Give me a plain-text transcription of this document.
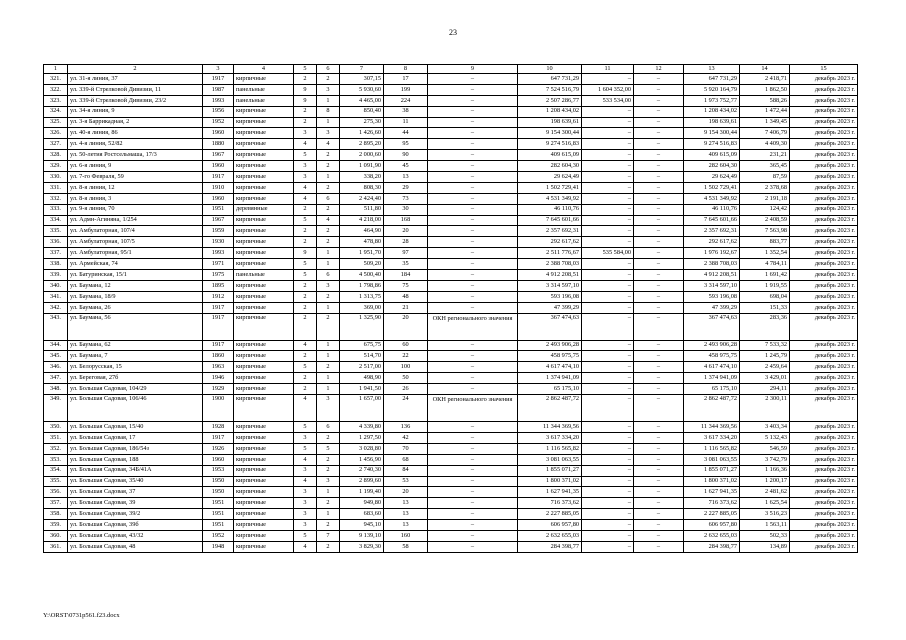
23
1	2	3	4	5	6	7	8	9	10	11	12	13	14	15
321.	ул. 31-я линия, 37	1917	кирпичные	2	2	307,15	17	–	647 731,29	–	–	647 731,29	2 418,71	декабрь 2023 г.
322.	ул. 339-й Стрелковой Дивизии, 11	1987	панельные	9	3	5 930,60	199	–	7 524 516,79	1 604 352,00	–	5 920 164,79	1 862,50	декабрь 2023 г.
323.	ул. 339-й Стрелковой Дивизии, 23/2	1993	панельные	9	1	4 465,00	224	–	2 507 286,77	533 534,00	–	1 973 752,77	588,26	декабрь 2023 г.
324.	ул. 34-я линия, 9	1956	кирпичные	2	8	850,40	38	–	1 208 434,02	–	–	1 208 434,02	1 472,44	декабрь 2023 г.
325.	ул. 3-я Баррикадная, 2	1952	кирпичные	2	1	275,30	11	–	198 639,61	–	–	198 639,61	1 349,45	декабрь 2023 г.
326.	ул. 40-я линия, 86	1960	кирпичные	3	3	1 426,60	44	–	9 154 300,44	–	–	9 154 300,44	7 406,79	декабрь 2023 г.
327.	ул. 4-я линия, 52/82	1880	кирпичные	4	4	2 895,20	95	–	9 274 516,83	–	–	9 274 516,83	4 409,30	декабрь 2023 г.
328.	ул. 50-летия Ростсельмаша, 17/3	1967	кирпичные	5	2	2 000,60	90	–	409 615,09	–	–	409 615,09	231,21	декабрь 2023 г.
329.	ул. 6-я линия, 9	1960	кирпичные	3	2	1 091,90	45	–	282 604,30	–	–	282 604,30	365,45	декабрь 2023 г.
330.	ул. 7-го Февраля, 59	1917	кирпичные	3	1	338,20	13	–	29 624,49	–	–	29 624,49	87,59	декабрь 2023 г.
331.	ул. 8-я линия, 12	1910	кирпичные	4	2	808,30	29	–	1 502 729,41	–	–	1 502 729,41	2 378,68	декабрь 2023 г.
332.	ул. 8-я линия, 3	1960	кирпичные	4	6	2 424,40	73	–	4 531 349,92	–	–	4 531 349,92	2 191,18	декабрь 2023 г.
333.	ул. 9-я линия, 70	1951	деревянные	2	2	511,80	30	–	46 110,76	–	–	46 110,76	124,42	декабрь 2023 г.
334.	ул. Адмн-Агиняна, 1/254	1967	кирпичные	5	4	4 218,00	168	–	7 645 601,66	–	–	7 645 601,66	2 408,59	декабрь 2023 г.
335.	ул. Амбулаторная, 107/4	1959	кирпичные	2	2	464,90	20	–	2 357 692,31	–	–	2 357 692,31	7 563,98	декабрь 2023 г.
336.	ул. Амбулаторная, 107/5	1930	кирпичные	2	2	478,80	28	–	292 617,62	–	–	292 617,62	883,77	декабрь 2023 г.
337.	ул. Амбулаторная, 95/1	1993	кирпичные	9	1	1 951,70	97	–	2 511 776,67	535 584,00	–	1 976 192,67	1 352,54	декабрь 2023 г.
338.	ул. Армейская, 74	1971	кирпичные	5	1	509,20	35	–	2 388 708,03	–	–	2 388 708,03	4 784,11	декабрь 2023 г.
339.	ул. Батуринская, 15/1	1975	панельные	5	6	4 500,40	184	–	4 912 208,51	–	–	4 912 208,51	1 691,42	декабрь 2023 г.
340.	ул. Баумана, 12	1895	кирпичные	2	3	1 798,86	75	–	3 314 597,10	–	–	3 314 597,10	1 919,55	декабрь 2023 г.
341.	ул. Баумана, 18/9	1912	кирпичные	2	2	1 313,75	48	–	593 196,08	–	–	593 196,08	698,04	декабрь 2023 г.
342.	ул. Баумана, 26	1917	кирпичные	2	1	369,00	21	–	47 399,29	–	–	47 399,29	151,33	декабрь 2023 г.
343.	ул. Баумана, 56	1917	кирпичные	2	2	1 325,90	20	ОКН регионального значения	367 474,63	–	–	367 474,63	283,36	декабрь 2023 г.
344.	ул. Баумана, 62	1917	кирпичные	4	1	675,75	60	–	2 493 906,28	–	–	2 493 906,28	7 533,32	декабрь 2023 г.
345.	ул. Баумана, 7	1860	кирпичные	2	1	514,70	22	–	458 975,75	–	–	458 975,75	1 245,79	декабрь 2023 г.
346.	ул. Белорусская, 15	1963	кирпичные	5	2	2 517,00	100	–	4 617 474,10	–	–	4 617 474,10	2 459,64	декабрь 2023 г.
347.	ул. Береговая, 27б	1946	кирпичные	2	1	498,90	50	–	1 374 941,09	–	–	1 374 941,09	3 429,01	декабрь 2023 г.
348.	ул. Большая Садовая, 104/29	1929	кирпичные	2	1	1 941,50	26	–	65 175,10	–	–	65 175,10	294,11	декабрь 2023 г.
349.	ул. Большая Садовая, 106/46	1900	кирпичные	4	3	1 657,00	24	ОКН регионального значения	2 862 487,72	–	–	2 862 487,72	2 300,11	декабрь 2023 г.
350.	ул. Большая Садовая, 15/40	1928	кирпичные	5	6	4 339,80	136	–	11 344 369,56	–	–	11 344 369,56	3 403,34	декабрь 2023 г.
351.	ул. Большая Садовая, 17	1917	кирпичные	3	2	1 297,50	42	–	3 617 334,20	–	–	3 617 334,20	5 132,43	декабрь 2023 г.
352.	ул. Большая Садовая, 186/54з	1926	кирпичные	5	5	3 028,80	70	–	1 116 565,82	–	–	1 116 565,82	546,59	декабрь 2023 г.
353.	ул. Большая Садовая, 188	1960	кирпичные	4	2	1 456,90	68	–	3 081 063,55	–	–	3 081 063,55	3 742,79	декабрь 2023 г.
354.	ул. Большая Садовая, 34Б/41А	1953	кирпичные	3	2	2 740,30	84	–	1 855 071,27	–	–	1 855 071,27	1 166,36	декабрь 2023 г.
355.	ул. Большая Садовая, 35/40	1950	кирпичные	4	3	2 899,60	53	–	1 800 371,02	–	–	1 800 371,02	1 200,17	декабрь 2023 г.
356.	ул. Большая Садовая, 37	1950	кирпичные	3	1	1 199,40	20	–	1 627 941,35	–	–	1 627 941,35	2 481,62	декабрь 2023 г.
357.	ул. Большая Садовая, 39	1951	кирпичные	3	2	949,80	13	–	716 373,62	–	–	716 373,62	1 625,54	декабрь 2023 г.
358.	ул. Большая Садовая, 39/2	1951	кирпичные	3	1	683,60	13	–	2 227 885,05	–	–	2 227 885,05	3 516,23	декабрь 2023 г.
359.	ул. Большая Садовая, 39б	1951	кирпичные	3	2	945,10	13	–	606 957,80	–	–	606 957,80	1 563,11	декабрь 2023 г.
360.	ул. Большая Садовая, 43/32	1952	кирпичные	5	7	9 139,10	160	–	2 632 655,03	–	–	2 632 655,03	502,33	декабрь 2023 г.
361.	ул. Большая Садовая, 48	1948	кирпичные	4	2	3 829,30	58	–	284 398,77	–	–	284 398,77	134,89	декабрь 2023 г.
Y:\ORST\0731p561.f23.docx
